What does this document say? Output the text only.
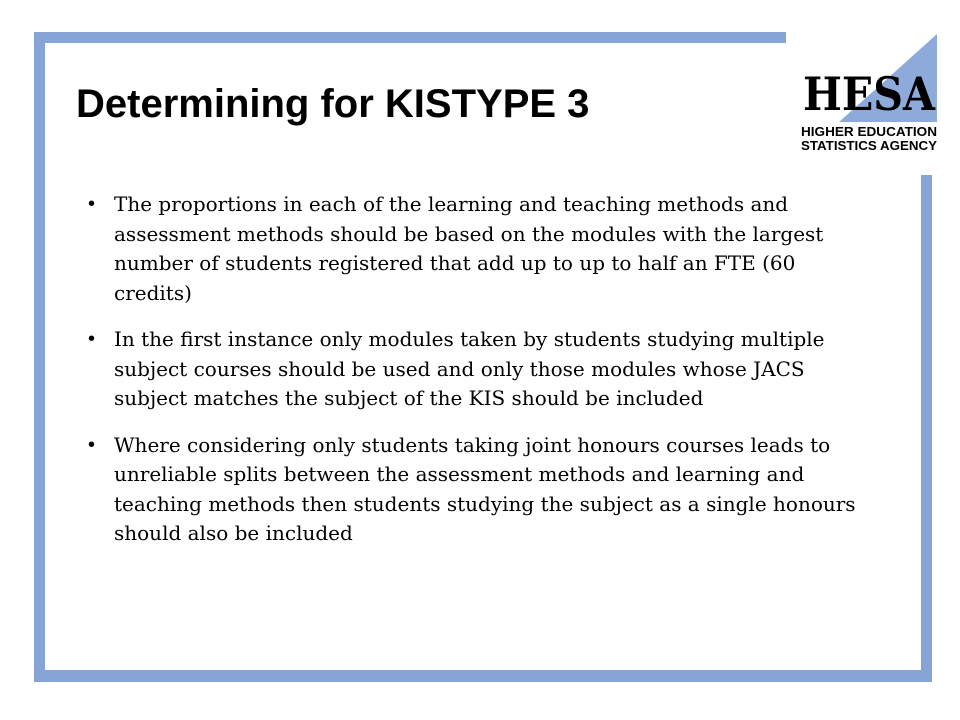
Determining for KISTYPE 3	HESA
HIGHER EDUCATION
STATISTICS AGENCY
• The proportions in each of the learning and teaching methods and assessment methods should be based on the modules with the largest number of students registered that add up to up to half an FTE (60 credits)
• In the first instance only modules taken by students studying multiple subject courses should be used and only those modules whose JACS subject matches the subject of the KIS should be included
• Where considering only students taking joint honours courses leads to unreliable splits between the assessment methods and learning and teaching methods then students studying the subject as a single honours should also be included
